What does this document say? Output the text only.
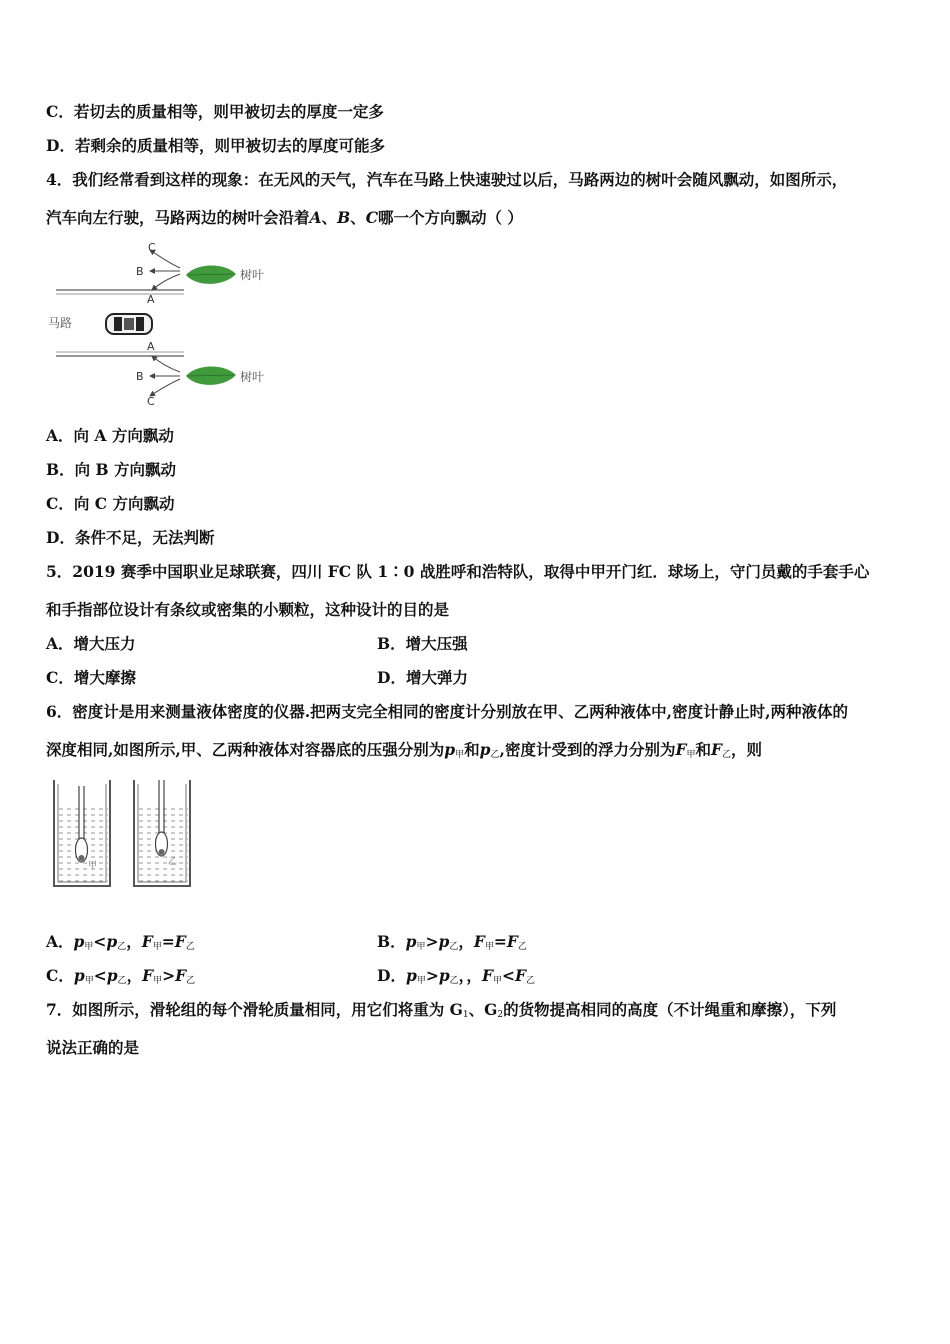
C．若切去的质量相等，则甲被切去的厚度一定多
D．若剩余的质量相等，则甲被切去的厚度可能多
4．我们经常看到这样的现象：在无风的天气，汽车在马路上快速驶过以后，马路两边的树叶会随风飘动，如图所示，
汽车向左行驶，马路两边的树叶会沿着A、B、C哪一个方向飘动（ ）
C
B
A
树叶
马路
A
B
C
树叶
A．向 A 方向飘动
B．向 B 方向飘动
C．向 C 方向飘动
D．条件不足，无法判断
5．2019 赛季中国职业足球联赛，四川 FC 队 1∶0 战胜呼和浩特队，取得中甲开门红．球场上，守门员戴的手套手心
和手指部位设计有条纹或密集的小颗粒，这种设计的目的是
A．增大压力	B．增大压强
C．增大摩擦	D．增大弹力
6．密度计是用来测量液体密度的仪器.把两支完全相同的密度计分别放在甲、乙两种液体中,密度计静止时,两种液体的
深度相同,如图所示,甲、乙两种液体对容器底的压强分别为$p_甲$和$p_乙$,密度计受到的浮力分别为$F_甲$和$F_乙$，则
甲	乙
A．$p_甲<p_乙$，$F_甲=F_乙$	B．$p_甲>p_乙$，$F_甲=F_乙$
C．$p_甲<p_乙$，$F_甲>F_乙$	D．$p_甲>p_乙$，，$F_甲<F_乙$
7．如图所示，滑轮组的每个滑轮质量相同，用它们将重为 $G_1$、$G_2$的货物提高相同的高度（不计绳重和摩擦），下列
说法正确的是
